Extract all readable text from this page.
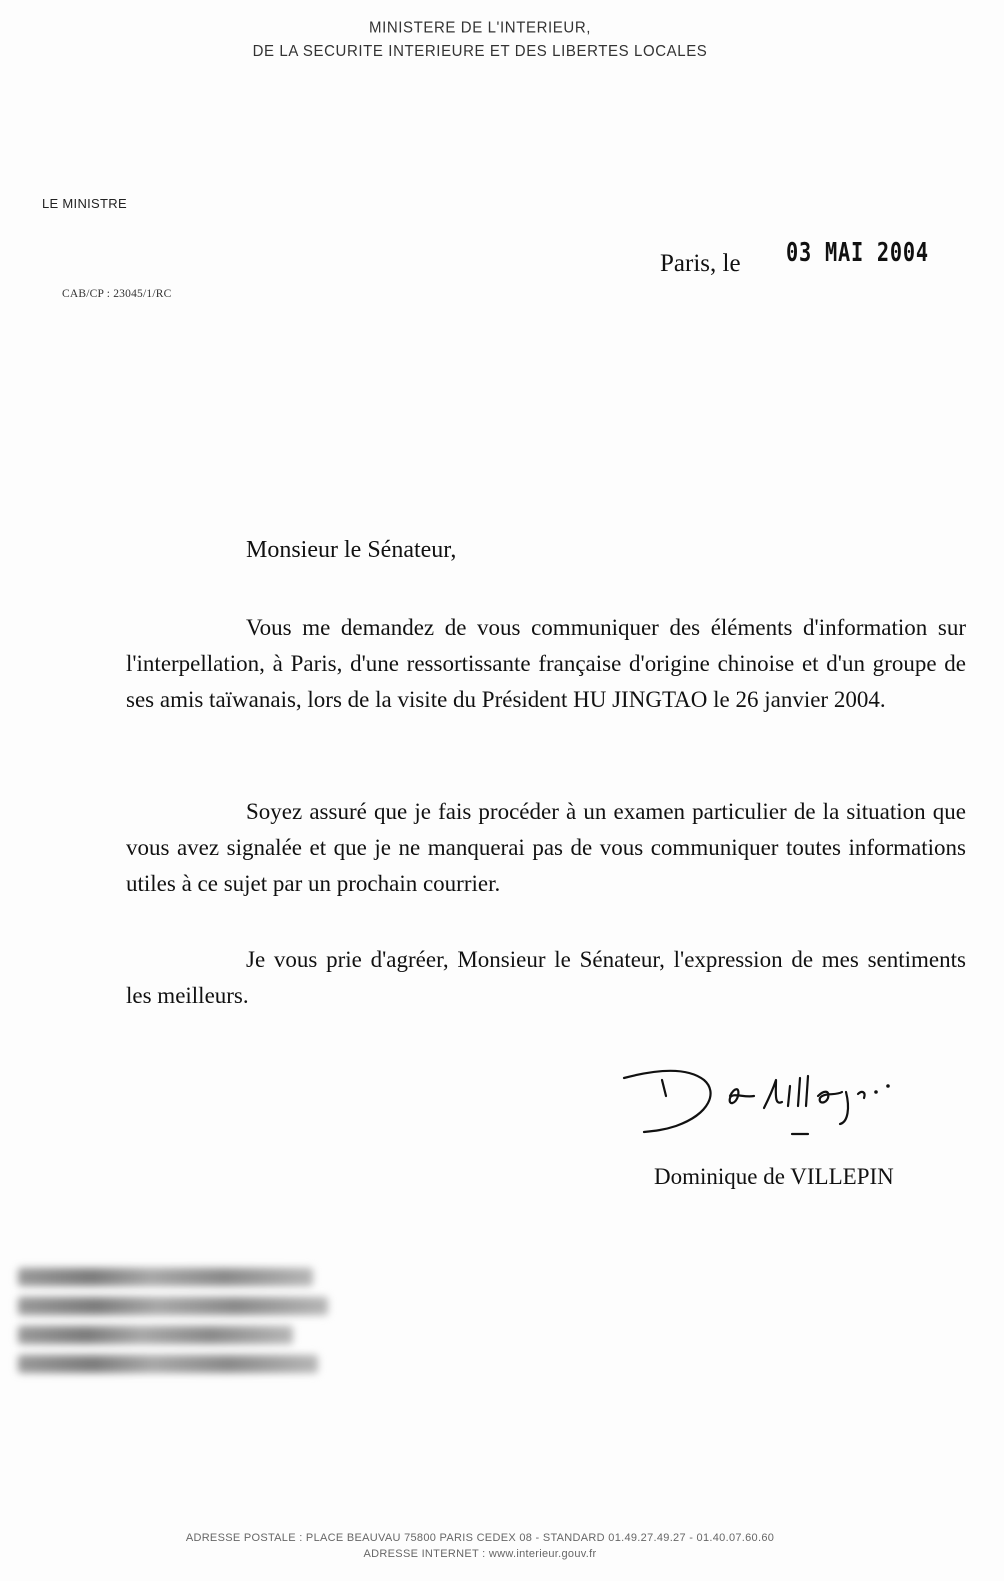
MINISTERE DE L'INTERIEUR,
DE LA SECURITE INTERIEURE ET DES LIBERTES LOCALES
LE MINISTRE
CAB/CP : 23045/1/RC
Paris, le 03 MAI 2004
Monsieur le Sénateur,
Vous me demandez de vous communiquer des éléments d'information sur l'interpellation, à Paris, d'une ressortissante française d'origine chinoise et d'un groupe de ses amis taïwanais, lors de la visite du Président HU JINGTAO le 26 janvier 2004.
Soyez assuré que je fais procéder à un examen particulier de la situation que vous avez signalée et que je ne manquerai pas de vous communiquer toutes informations utiles à ce sujet par un prochain courrier.
Je vous prie d'agréer, Monsieur le Sénateur, l'expression de mes sentiments les meilleurs.
Dominique de VILLEPIN
ADRESSE POSTALE : PLACE BEAUVAU 75800 PARIS CEDEX 08 - STANDARD 01.49.27.49.27 - 01.40.07.60.60
ADRESSE INTERNET : www.interieur.gouv.fr
